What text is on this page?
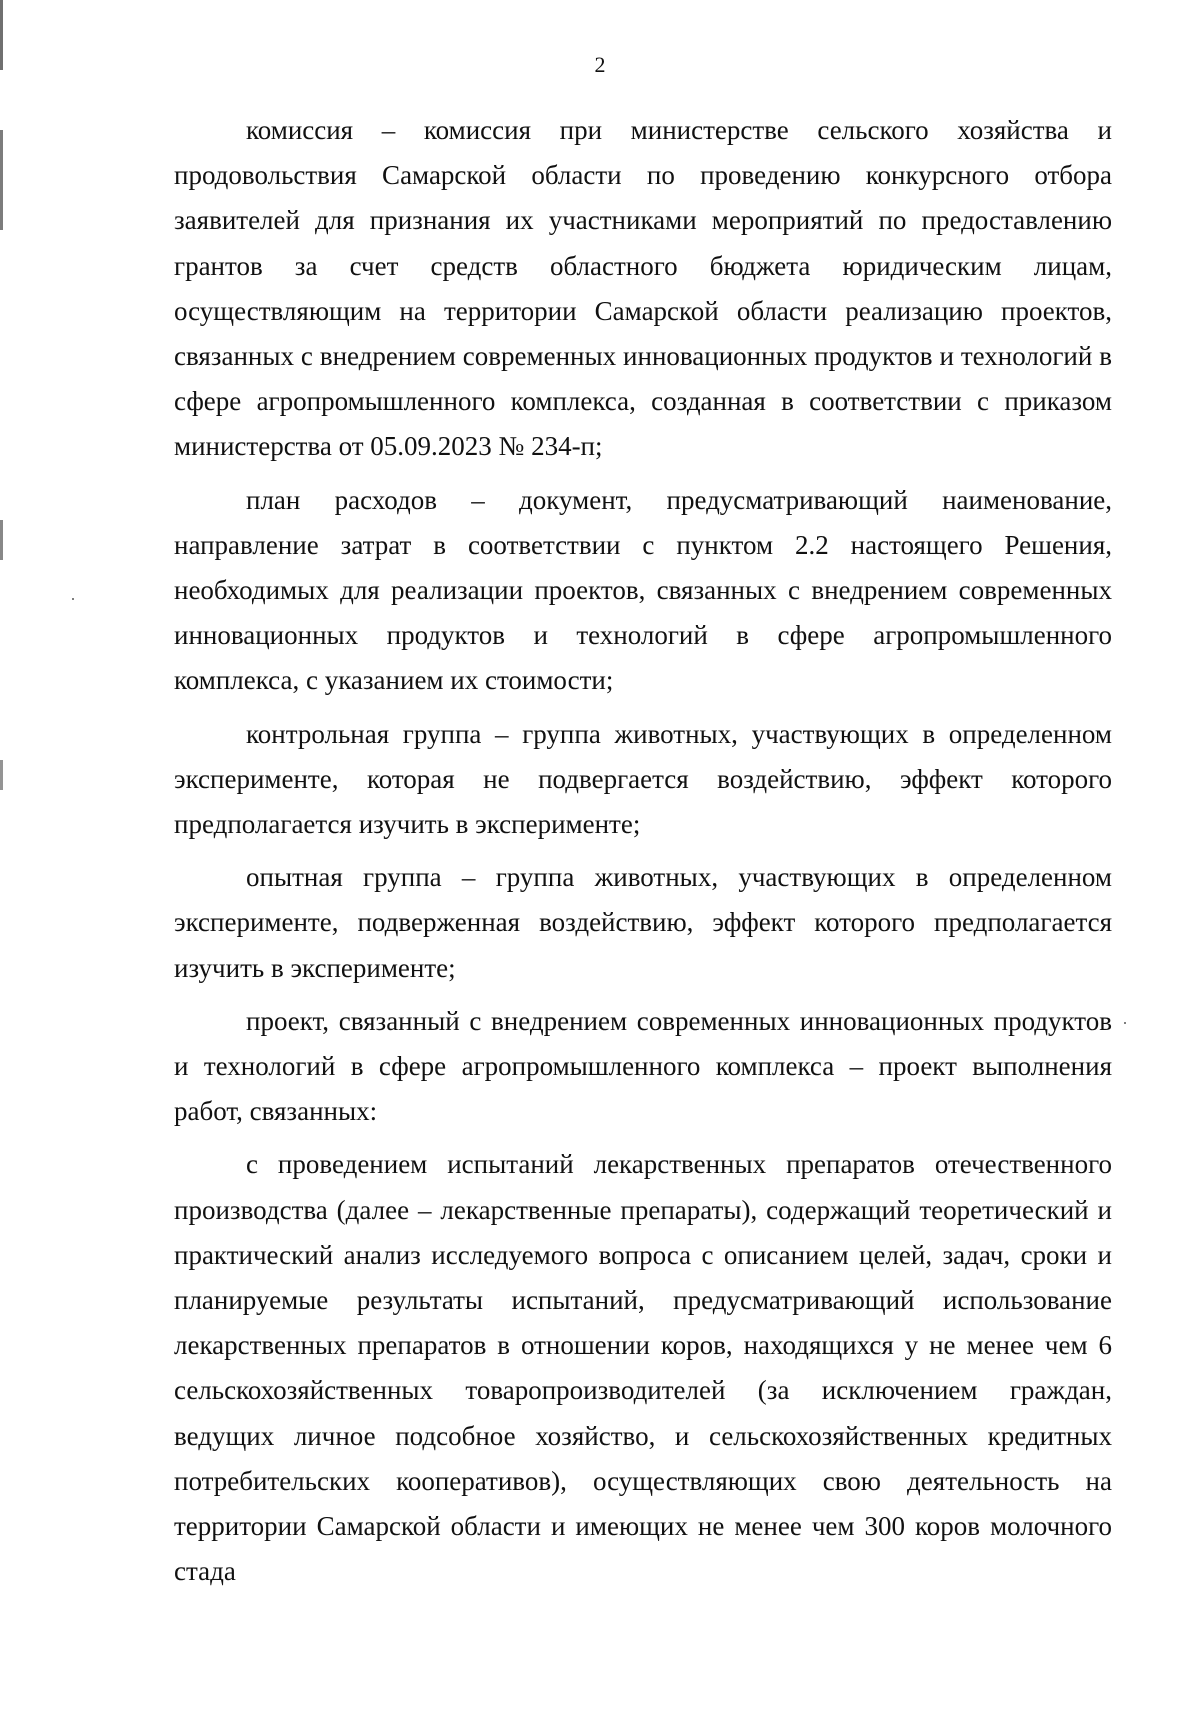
2

комиссия – комиссия при министерстве сельского хозяйства и продовольствия Самарской области по проведению конкурсного отбора заявителей для признания их участниками мероприятий по предоставлению грантов за счет средств областного бюджета юридическим лицам, осуществляющим на территории Самарской области реализацию проектов, связанных с внедрением современных инновационных продуктов и технологий в сфере агропромышленного комплекса, созданная в соответствии с приказом министерства от 05.09.2023 № 234-п;

план расходов – документ, предусматривающий наименование, направление затрат в соответствии с пунктом 2.2 настоящего Решения, необходимых для реализации проектов, связанных с внедрением современных инновационных продуктов и технологий в сфере агропромышленного комплекса, с указанием их стоимости;

контрольная группа – группа животных, участвующих в определенном эксперименте, которая не подвергается воздействию, эффект которого предполагается изучить в эксперименте;

опытная группа – группа животных, участвующих в определенном эксперименте, подверженная воздействию, эффект которого предполагается изучить в эксперименте;

проект, связанный с внедрением современных инновационных продуктов и технологий в сфере агропромышленного комплекса – проект выполнения работ, связанных:

с проведением испытаний лекарственных препаратов отечественного производства (далее – лекарственные препараты), содержащий теоретический и практический анализ исследуемого вопроса с описанием целей, задач, сроки и планируемые результаты испытаний, предусматривающий использование лекарственных препаратов в отношении коров, находящихся у не менее чем 6 сельскохозяйственных товаропроизводителей (за исключением граждан, ведущих личное подсобное хозяйство, и сельскохозяйственных кредитных потребительских кооперативов), осуществляющих свою деятельность на территории Самарской области и имеющих не менее чем 300 коров молочного стада
